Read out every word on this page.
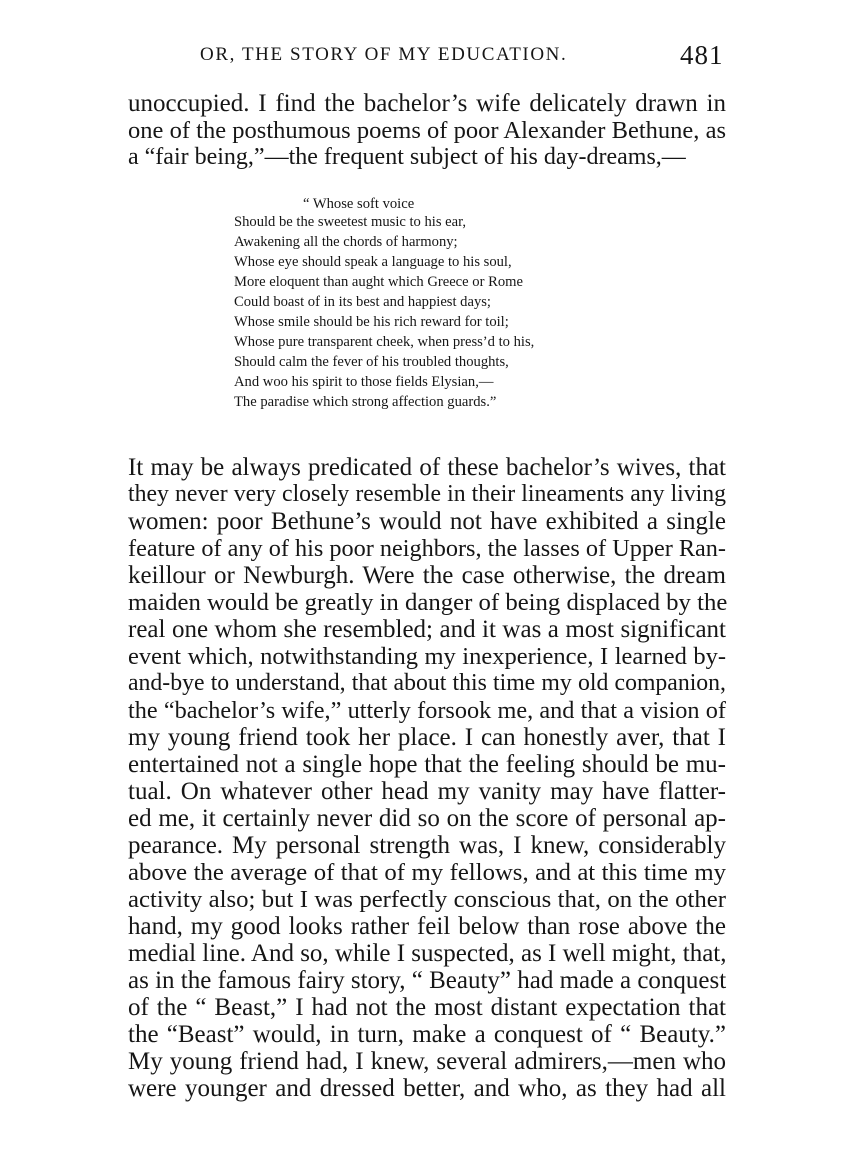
OR, THE STORY OF MY EDUCATION.	481
unoccupied. I find the bachelor’s wife delicately drawn in
one of the posthumous poems of poor Alexander Bethune, as
a “fair being,”—the frequent subject of his day-dreams,—
“ Whose soft voice
Should be the sweetest music to his ear,
Awakening all the chords of harmony;
Whose eye should speak a language to his soul,
More eloquent than aught which Greece or Rome
Could boast of in its best and happiest days;
Whose smile should be his rich reward for toil;
Whose pure transparent cheek, when press’d to his,
Should calm the fever of his troubled thoughts,
And woo his spirit to those fields Elysian,—
The paradise which strong affection guards.”
It may be always predicated of these bachelor’s wives, that
they never very closely resemble in their lineaments any living
women: poor Bethune’s would not have exhibited a single
feature of any of his poor neighbors, the lasses of Upper Ran-
keillour or Newburgh. Were the case otherwise, the dream
maiden would be greatly in danger of being displaced by the
real one whom she resembled; and it was a most significant
event which, notwithstanding my inexperience, I learned by-
and-bye to understand, that about this time my old companion,
the “bachelor’s wife,” utterly forsook me, and that a vision of
my young friend took her place. I can honestly aver, that I
entertained not a single hope that the feeling should be mu-
tual. On whatever other head my vanity may have flatter-
ed me, it certainly never did so on the score of personal ap-
pearance. My personal strength was, I knew, considerably
above the average of that of my fellows, and at this time my
activity also; but I was perfectly conscious that, on the other
hand, my good looks rather feil below than rose above the
medial line. And so, while I suspected, as I well might, that,
as in the famous fairy story, “ Beauty” had made a conquest
of the “ Beast,” I had not the most distant expectation that
the “Beast” would, in turn, make a conquest of “ Beauty.”
My young friend had, I knew, several admirers,—men who
were younger and dressed better, and who, as they had all
